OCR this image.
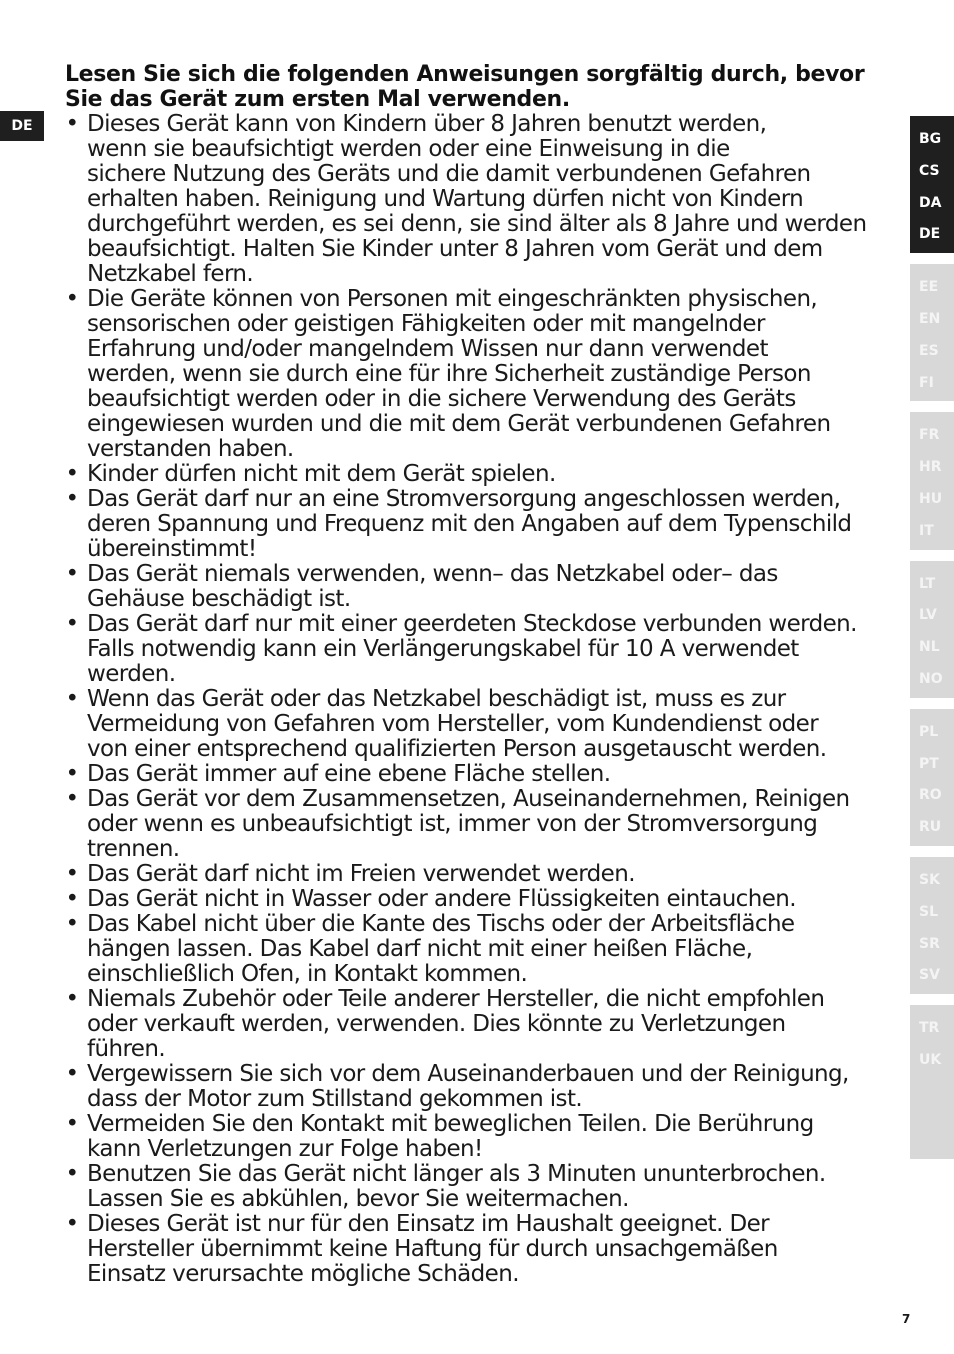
DE
Lesen Sie sich die folgenden Anweisungen sorgfältig durch, bevor Sie das Gerät zum ersten Mal verwenden.
• Dieses Gerät kann von Kindern über 8 Jahren benutzt werden,
wenn sie beaufsichtigt werden oder eine Einweisung in die
sichere Nutzung des Geräts und die damit verbundenen Gefahren
erhalten haben. Reinigung und Wartung dürfen nicht von Kindern
durchgeführt werden, es sei denn, sie sind älter als 8 Jahre und werden
beaufsichtigt. Halten Sie Kinder unter 8 Jahren vom Gerät und dem
Netzkabel fern.
• Die Geräte können von Personen mit eingeschränkten physischen,
sensorischen oder geistigen Fähigkeiten oder mit mangelnder
Erfahrung und/oder mangelndem Wissen nur dann verwendet
werden, wenn sie durch eine für ihre Sicherheit zuständige Person
beaufsichtigt werden oder in die sichere Verwendung des Geräts
eingewiesen wurden und die mit dem Gerät verbundenen Gefahren
verstanden haben.
• Kinder dürfen nicht mit dem Gerät spielen.
• Das Gerät darf nur an eine Stromversorgung angeschlossen werden,
deren Spannung und Frequenz mit den Angaben auf dem Typenschild
übereinstimmt!
• Das Gerät niemals verwenden, wenn– das Netzkabel oder– das
Gehäuse beschädigt ist.
• Das Gerät darf nur mit einer geerdeten Steckdose verbunden werden.
Falls notwendig kann ein Verlängerungskabel für 10 A verwendet
werden.
• Wenn das Gerät oder das Netzkabel beschädigt ist, muss es zur
Vermeidung von Gefahren vom Hersteller, vom Kundendienst oder
von einer entsprechend qualifizierten Person ausgetauscht werden.
• Das Gerät immer auf eine ebene Fläche stellen.
• Das Gerät vor dem Zusammensetzen, Auseinandernehmen, Reinigen
oder wenn es unbeaufsichtigt ist, immer von der Stromversorgung
trennen.
• Das Gerät darf nicht im Freien verwendet werden.
• Das Gerät nicht in Wasser oder andere Flüssigkeiten eintauchen.
• Das Kabel nicht über die Kante des Tischs oder der Arbeitsfläche
hängen lassen. Das Kabel darf nicht mit einer heißen Fläche,
einschließlich Ofen, in Kontakt kommen.
• Niemals Zubehör oder Teile anderer Hersteller, die nicht empfohlen
oder verkauft werden, verwenden. Dies könnte zu Verletzungen
führen.
• Vergewissern Sie sich vor dem Auseinanderbauen und der Reinigung,
dass der Motor zum Stillstand gekommen ist.
• Vermeiden Sie den Kontakt mit beweglichen Teilen. Die Berührung
kann Verletzungen zur Folge haben!
• Benutzen Sie das Gerät nicht länger als 3 Minuten ununterbrochen.
Lassen Sie es abkühlen, bevor Sie weitermachen.
• Dieses Gerät ist nur für den Einsatz im Haushalt geeignet. Der
Hersteller übernimmt keine Haftung für durch unsachgemäßen
Einsatz verursachte mögliche Schäden.
BG
CS
DA
DE
EE
EN
ES
FI
FR
HR
HU
IT
LT
LV
NL
NO
PL
PT
RO
RU
SK
SL
SR
SV
TR
UK
7
